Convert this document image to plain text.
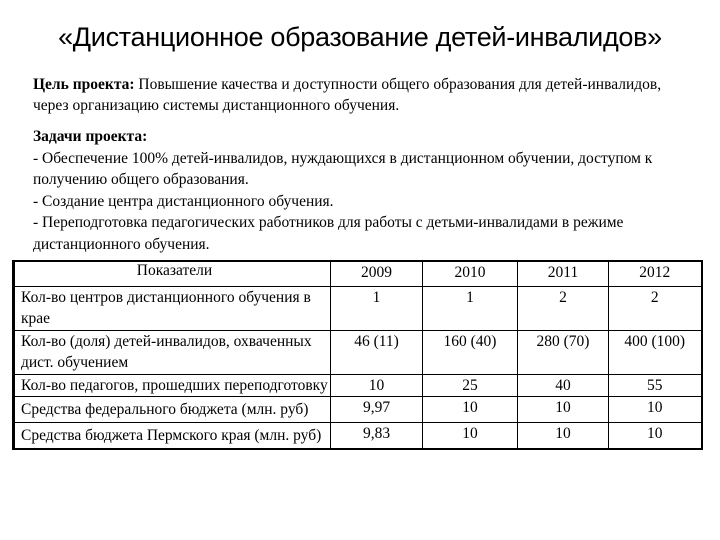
«Дистанционное образование детей-инвалидов»
Цель проекта: Повышение качества и доступности общего образования для детей-инвалидов, через организацию системы дистанционного обучения.
Задачи проекта:
- Обеспечение 100% детей-инвалидов, нуждающихся в дистанционном обучении, доступом к получению общего образования.
- Создание центра дистанционного обучения.
- Переподготовка педагогических работников для работы с детьми-инвалидами в режиме дистанционного обучения.
Показатели	2009	2010	2011	2012
Кол-во центров дистанционного обучения в крае	1	1	2	2
Кол-во (доля) детей-инвалидов, охваченных дист. обучением	46 (11)	160 (40)	280 (70)	400 (100)
Кол-во педагогов, прошедших переподготовку	10	25	40	55
Средства федерального бюджета (млн. руб)	9,97	10	10	10
Средства бюджета Пермского края (млн. руб)	9,83	10	10	10
